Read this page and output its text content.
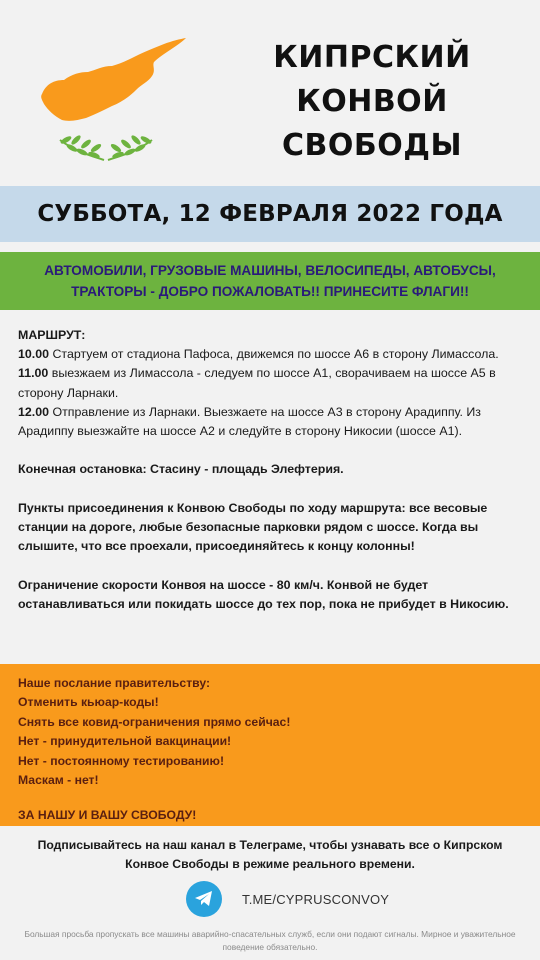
КИПРСКИЙ
КОНВОЙ
СВОБОДЫ
СУББОТА, 12 ФЕВРАЛЯ 2022 ГОДА
АВТОМОБИЛИ, ГРУЗОВЫЕ МАШИНЫ, ВЕЛОСИПЕДЫ, АВТОБУСЫ,
ТРАКТОРЫ - ДОБРО ПОЖАЛОВАТЬ!! ПРИНЕСИТЕ ФЛАГИ!!

МАРШРУТ:

10.00 Стартуем от стадиона Пафоса, движемся по шоссе А6 в сторону Лимассола.

11.00 выезжаем из Лимассола - следуем по шоссе А1, сворачиваем на шоссе А5 в сторону Ларнаки.

12.00 Отправление из Ларнаки. Выезжаете на шоссе А3 в сторону Арадиппу. Из Арадиппу выезжайте на шоссе А2 и следуйте в сторону Никосии (шоссе А1).

Конечная остановка: Стасину - площадь Элефтерия.

Пункты присоединения к Конвою Свободы по ходу маршрута: все весовые станции на дороге, любые безопасные парковки рядом с шоссе. Когда вы слышите, что все проехали, присоединяйтесь к концу колонны!

Ограничение скорости Конвоя на шоссе - 80 км/ч. Конвой не будет останавливаться или покидать шоссе до тех пор, пока не прибудет в Никосию.

Наше послание правительству:

Отменить кьюар-коды!

Снять все ковид-ограничения прямо сейчас!

Нет - принудительной вакцинации!

Нет - постоянному тестированию!

Маскам - нет!

ЗА НАШУ И ВАШУ СВОБОДУ!

Подписывайтесь на наш канал в Телеграме, чтобы узнавать все о Кипрском Конвое Свободы в режиме реального времени.
T.ME/CYPRUSCONVOY
Большая просьба пропускать все машины аварийно-спасательных служб, если они подают сигналы. Мирное и уважительное поведение обязательно.
